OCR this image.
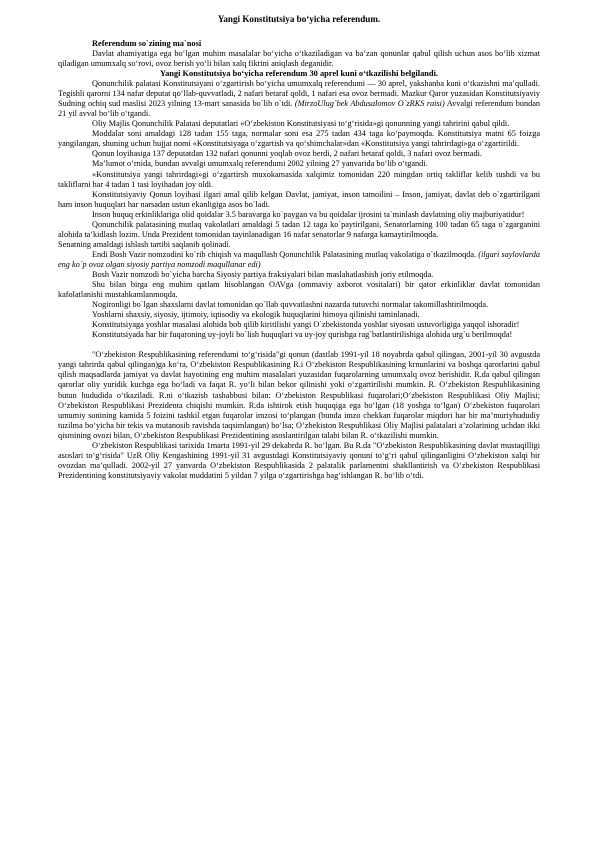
Yangi Konstitutsiya bo‘yicha referendum.
Referendum so`zining ma`nosi

Davlat ahamiyatiga ega bo‘lgan muhim masalalar bo‘yicha o‘tkaziladigan va ba’zan qonunlar qabul qilish uchun asos bo‘lib xizmat qiladigan umumxalq so‘rovi, ovoz berish yo‘li bilan xalq fikrini aniqlash deganidir.

Yangi Konstitutsiya bo‘yicha referendum 30 aprel kuni o‘tkazilishi belgilandi.

Qonunchilik palatasi Konstitutsiyani o‘zgartirish bo‘yicha umumxalq referendumi — 30 aprel, yakshanba kuni o‘tkazishni ma’qulladi. Tegishli qarorni 134 nafar deputat qo‘llab-quvvatladi, 2 nafari betaraf qoldi, 1 nafari esa ovoz bermadi. Mazkur Qaror yuzasidan Konstitutsiyaviy Sudning ochiq sud maslisi 2023 yilning 13-mart sanasida bo`lib o`tdi. (MirzoUlug`bek Abdusalomov O`zRKS raisi) Avvalgi referendum bundan 21 yil avval bo‘lib o‘tgandi.

Oliy Majlis Qonunchilik Palatasi deputatlari «O‘zbekiston Konstitutsiyasi to‘g‘risida»gi qonunning yangi tahririni qabul qildi.

Moddalar soni amaldagi 128 tadan 155 taga, normalar soni esa 275 tadan 434 taga ko‘paymoqda. Konstitutsiya matni 65 foizga yangilangan, shuning uchun hujjat nomi «Konstitutsiyaga o‘zgartish va qo‘shimchalar»dan «Konstitutsiya yangi tahrirdagi»ga o‘zgartirildi.

Qonun loyihasiga 137 deputatdan 132 nafari qonunni yoqlab ovoz berdi, 2 nafari betaraf qoldi, 3 nafari ovoz bermadi.

Ma’lumot o‘rnida, bundan avvalgi umumxalq referendumi 2002 yilning 27 yanvarida bo‘lib o‘tgandi.

«Konstitutsiya yangi tahrirdagi»gi o‘zgartirsh muxokamasida xalqimiz tomonidan 220 mingdan ortiq takliflar kelib tushdi va bu takliflarni har 4 tadan 1 tasi loyihadan joy oldi.

Konstitutsiyaviy Qonun loyihasi ilgari amal qilib kelgan Davlat, jamiyat, inson tamoilini – Inson, jamiyat, davlat deb o`zgartirilgani ham inson huquqlari har narsadan ustun ekanligiga asos bo`ladi.

Inson huquq erkinliklariga olid qoidalar 3.5 baravarga ko`paygan va bu qoidalar ijrosini ta`minlash davlatning oliy majburiyatidur!

Qonunchilik palatasining mutlaq vakolatlari amaldagi 5 tadan 12 taga ko`paytirilgani, Senatorlarning 100 tadan 65 taga o`zgarganini alohida ta’kidlash lozim. Unda Prezident tomonidan tayinlanadigan 16 nafar senatorlar 9 nafarga kamaytirilmoqda.

Senatning amaldagi ishlash tartibi saqlanib qolinadi.

Endi Bosh Vazir nomzodini ko`rib chiqish va maqullash Qonunchilik Palatasining mutlaq vakolatiga o`tkazilmoqda. (ilgari saylovlarda eng ko`p ovoz olgan siyosiy partiya nomzodi maqullanar edi)

Bosh Vazir nomzodi bo`yicha barcha Siyosiy partiya fraksiyalari bilan maslahatlashish joriy etilmoqda.

Shu bilan birga eng muhim qatlam hisoblangan OAVga (ommaviy axborot vositalari) bir qator erkinliklar davlat tomonidan kafolatlanishi mustahkamlanmoqda.

Nogironligi bo`lgan shaxslarni davlat tomonidan qo`llab quvvatlashni nazarda tutuvchi normalar takomillashtirilmoqda.

Yoshlarni shaxsiy, siyosiy, ijtimoiy, iqtisodiy va ekologik huquqlarini himoya qilinishi taminlanadi.

Konstitutsiyaga yoshlar masalasi alohida bob qilib kiritilishi yangi O`zbekistonda yoshlar siyosati ustuvorligiga yaqqol ishoradir!

Konstitutsiyada har bir fuqaroning uy-joyli bo`lish huquqlari va uy-joy qurishga rag`batlantirilishiga alohida urg`u berilmoqda!

"O‘zbekiston Respublikasining referendumi to‘g‘risida"gi qonun (dastlab 1991-yil 18 noyabrda qabul qilingan, 2001-yil 30 avgustda yangi tahrirda qabul qilingan)ga ko‘ra, O‘zbekiston Respublikasining R.i O‘zbekiston Respublikasining krnunlarini va boshqa qarorlarini qabul qilish maqsadlarda jamiyat va davlat hayotining eng muhim masalalari yuzasidan fuqarolarning umumxalq ovoz berishidir. R.da qabul qilingan qarorlar oliy yuridik kuchga ega bo‘ladi va faqat R. yo‘li bilan bekor qilinishi yoki o‘zgartirilishi mumkin. R. O‘zbekiston Respublikasining butun hududida o‘tkaziladi. R.ni o‘tkazish tashabbusi bilan: O‘zbekiston Respublikasi fuqarolari;O‘zbekiston Respublikasi Oliy Majlisi; O‘zbekiston Respublikasi Prezidenta chiqishi mumkin. R.da ishtirok etish huquqiga ega bo‘lgan (18 yoshga to‘lgan) O‘zbekiston fuqarolari umumiy sonining kamida 5 foizini tashkil etgan fuqarolar imzosi to‘plangan (bunda imzo chekkan fuqarolar miqdori har bir ma’muriyhududiy tuzilma bo‘yicha bir tekis va mutanosib ravishda taqsimlangan) bo‘lsa; O‘zbekiston Respublikasi Oliy Majlisi palatalari a’zolarining uchdan ikki qismining ovozi bilan, O‘zbekiston Respublikasi Prezidentining asoslantirilgan talabi bilan R. o‘tkazilishi mumkin.

O‘zbekiston Respublikasi tarixida 1marta 1991-yil 29 dekabrda R. bo‘lgan. Bu R.da "O‘zbekiston Respublikasining davlat mustaqilligi asoslari to‘g‘risida" UzR Oliy Kengashining 1991-yil 31 avgustdagi Konstitutsiyaviy qonuni to‘g‘ri qabul qilinganligini O‘zbekiston xalqi bir ovozdan ma’qulladi. 2002-yil 27 yanvarda O‘zbekiston Respublikasida 2 palatalik parlamentni shakllantirish va O‘zbekiston Respublikasi Prezidentining konstitutsiyaviy vakolat muddatini 5 yildan 7 yilga o‘zgartirishga bag‘ishlangan R. bo‘lib o‘tdi.
